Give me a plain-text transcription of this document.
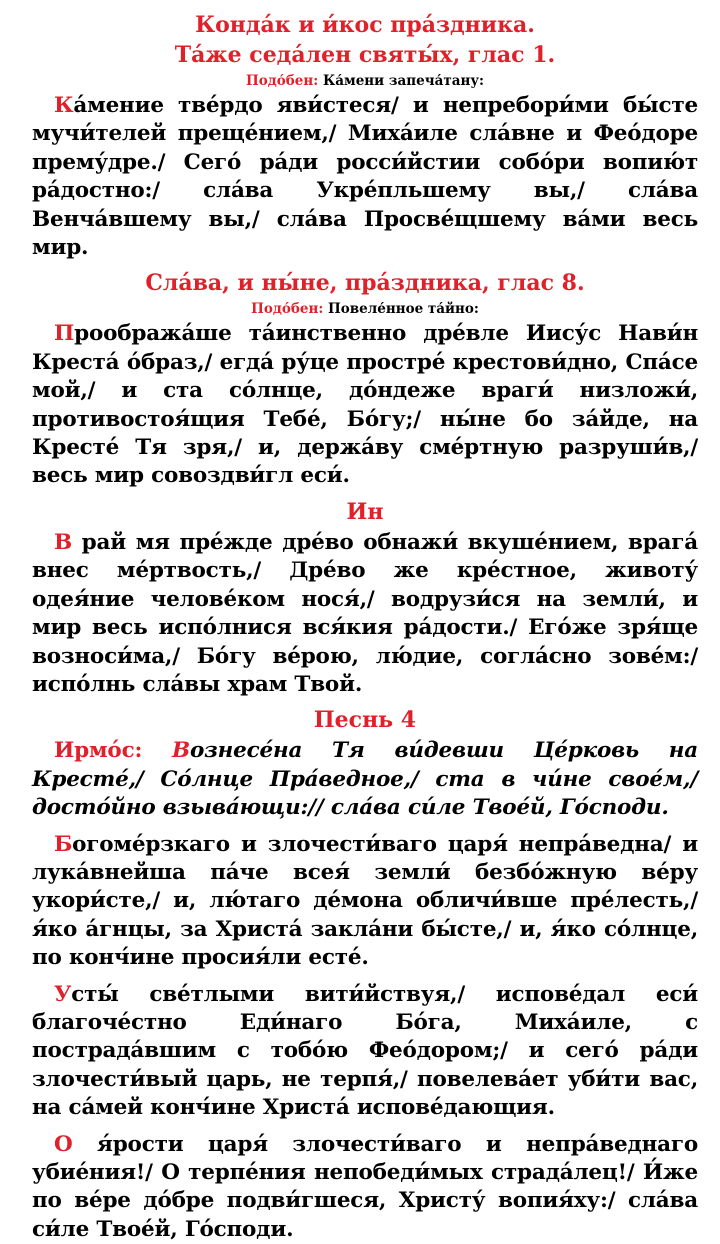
Конда́к и и́кос пра́здника.
Та́же седа́лен святы́х, глас 1.
Подо́бен: Ка́мени запеча́тану:

Ка́мение тве́рдо яви́стеся/ и непребори́ми бы́сте мучи́телей преще́нием,/ Миха́иле сла́вне и Фео́доре прему́дре./ Сего́ ра́ди росси́йстии собо́ри вопию́т ра́достно:/ сла́ва Укре́пльшему вы,/ сла́ва Венча́вшему вы,/ сла́ва Просве́щшему ва́ми весь мир.

Сла́ва, и ны́не, пра́здника, глас 8.
Подо́бен: Повеле́нное та́йно:

Прообража́ше та́инственно дре́вле Иису́с Нави́н Креста́ о́браз,/ егда́ ру́це простре́ крестови́дно, Спа́се мой,/ и ста со́лнце, до́ндеже враги́ низложи́, противостоя́щия Тебе́, Бо́гу;/ ны́не бо за́йде, на Кресте́ Тя зря,/ и, держа́ву сме́ртную разруши́в,/ весь мир совоздви́гл еси́.

Ин

В рай мя пре́жде дре́во обнажи́ вкуше́нием, врага́ внес ме́ртвость,/ Дре́во же кре́стное, животу́ одея́ние челове́ком нося́,/ водрузи́ся на земли́, и мир весь испо́лнися вся́кия ра́дости./ Его́же зря́ще возноси́ма,/ Бо́гу ве́рою, лю́дие, согла́сно зове́м:/ испо́лнь сла́вы храм Твой.

Песнь 4

Ирмо́с: Вознесе́на Тя ви́девши Це́рковь на Кресте́,/ Со́лнце Пра́ведное,/ ста в чи́не свое́м,/ досто́йно взыва́ющи:// сла́ва си́ле Твое́й, Го́споди.

Богоме́рзкаго и злочести́ваго царя́ непра́ведна/ и лука́внейша па́че всея́ земли́ безбо́жную ве́ру укори́сте,/ и, лю́таго де́мона обличи́вше пре́лесть,/ я́ко а́гнцы, за Христа́ закла́ни бы́сте,/ и, я́ко со́лнце, по конч́ине просия́ли есте́.

Усты́ све́тлыми вити́йствуя,/ испове́дал еси́ благоче́стно Еди́наго Бо́га, Миха́иле, с пострада́вшим с тобо́ю Фео́дором;/ и сего́ ра́ди злочести́вый царь, не терпя́,/ повелева́ет уби́ти вас, на са́мей конч́ине Христа́ испове́дающия.

О я́рости царя́ злочести́ваго и непра́веднаго убие́ния!/ О терпе́ния непобеди́мых страда́лец!/ И́же по ве́ре до́бре подви́гшеся, Христу́ вопия́ху:/ сла́ва си́ле Твое́й, Го́споди.
